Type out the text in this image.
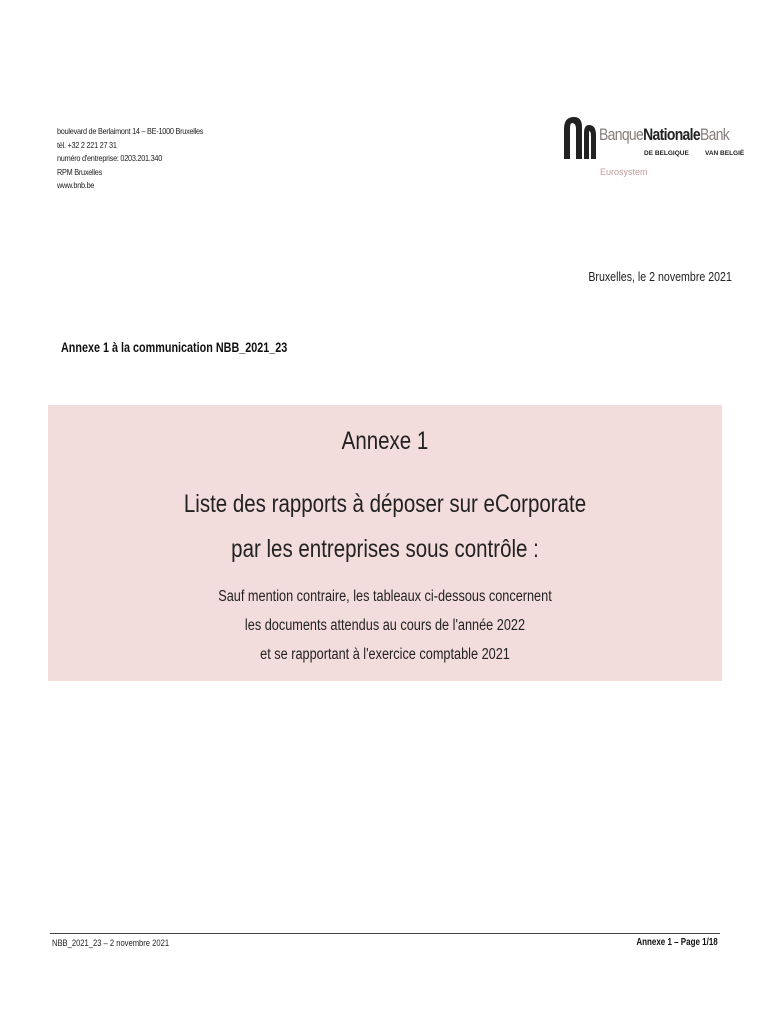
boulevard de Berlaimont 14 – BE-1000 Bruxelles
tél. +32 2 221 27 31
numéro d'entreprise: 0203.201.340
RPM Bruxelles
www.bnb.be
BanqueNationaleBank
DE BELGIQUE VAN BELGIË
Eurosystem
Bruxelles, le 2 novembre 2021
Annexe 1 à la communication NBB_2021_23
Annexe 1
Liste des rapports à déposer sur eCorporate
par les entreprises sous contrôle :
Sauf mention contraire, les tableaux ci-dessous concernent
les documents attendus au cours de l'année 2022
et se rapportant à l'exercice comptable 2021
NBB_2021_23 – 2 novembre 2021	Annexe 1 – Page 1/18
